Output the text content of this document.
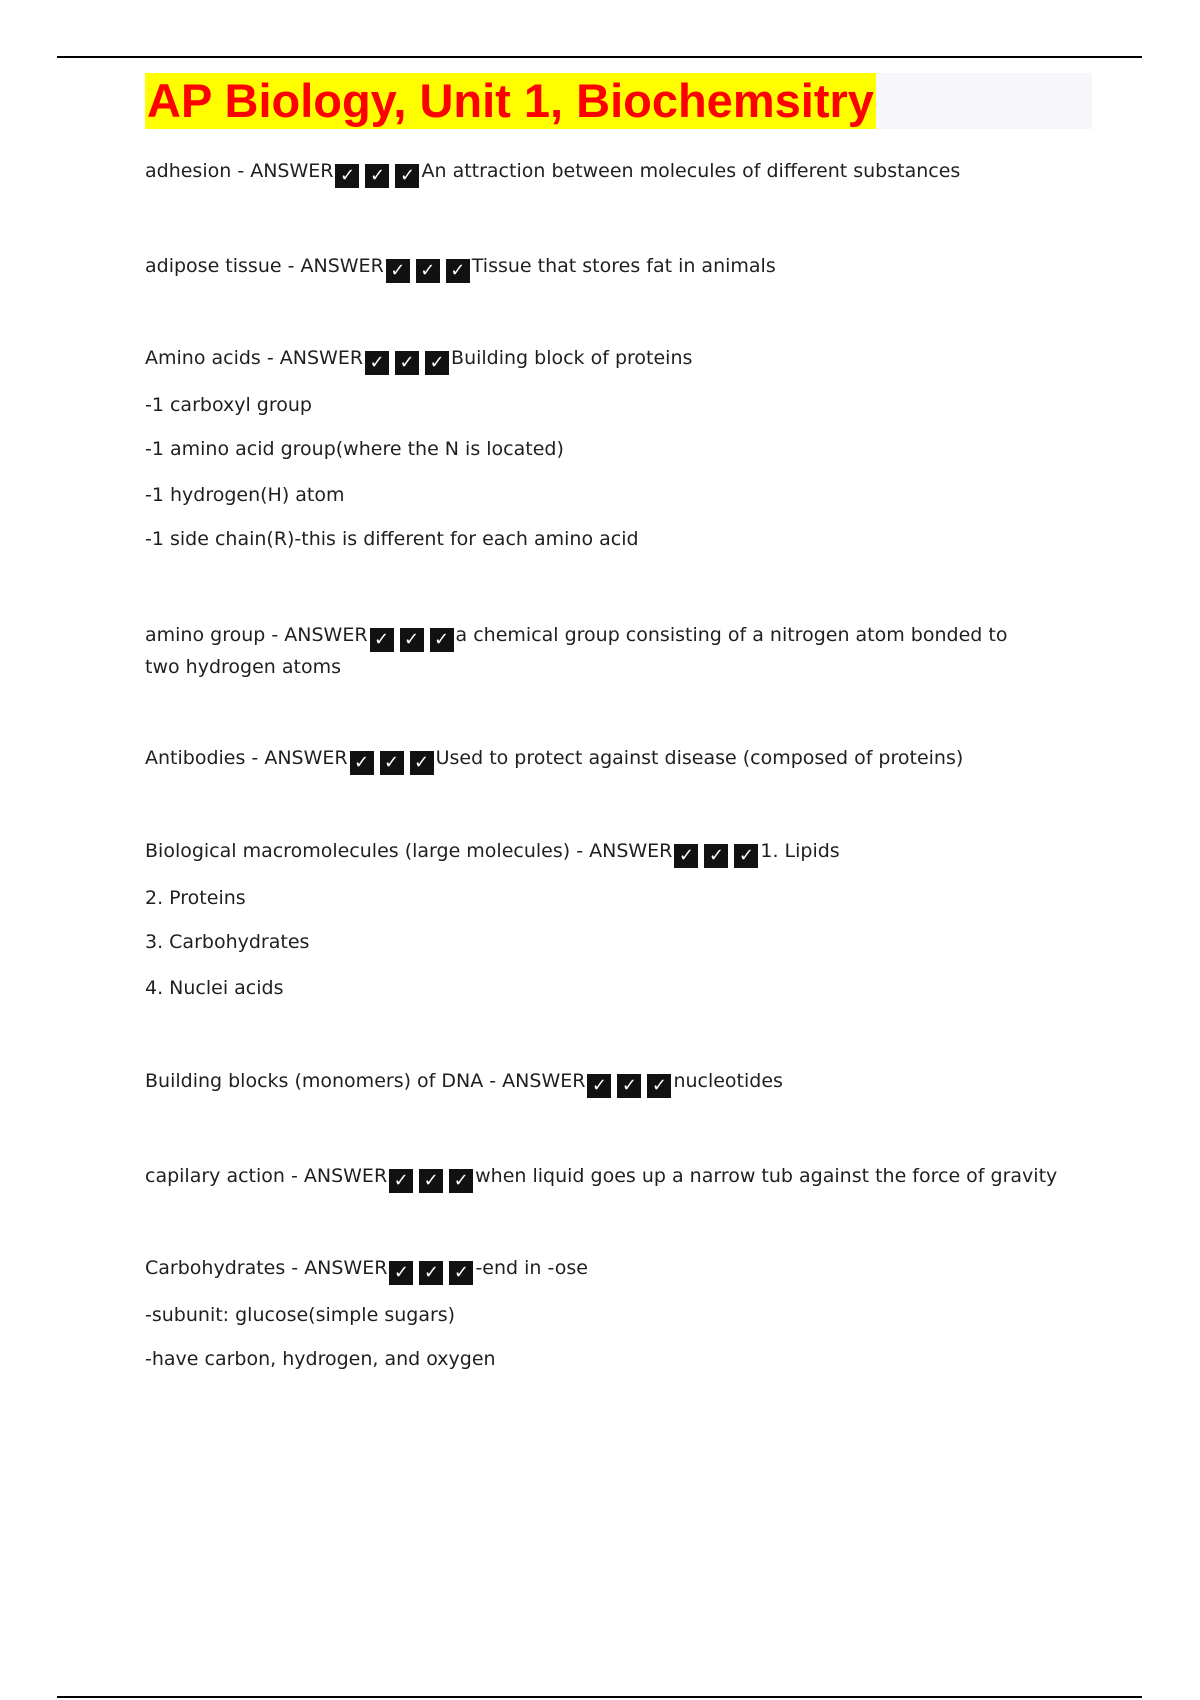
AP Biology, Unit 1, Biochemsitry
adhesion - ANSWER ✓ ✓ ✓ An attraction between molecules of different substances
adipose tissue - ANSWER ✓ ✓ ✓ Tissue that stores fat in animals
Amino acids - ANSWER ✓ ✓ ✓ Building block of proteins
-1 carboxyl group
-1 amino acid group(where the N is located)
-1 hydrogen(H) atom
-1 side chain(R)-this is different for each amino acid
amino group - ANSWER ✓ ✓ ✓ a chemical group consisting of a nitrogen atom bonded to two hydrogen atoms
Antibodies - ANSWER ✓ ✓ ✓ Used to protect against disease (composed of proteins)
Biological macromolecules (large molecules) - ANSWER ✓ ✓ ✓ 1. Lipids
2. Proteins
3. Carbohydrates
4. Nuclei acids
Building blocks (monomers) of DNA - ANSWER ✓ ✓ ✓ nucleotides
capilary action - ANSWER ✓ ✓ ✓ when liquid goes up a narrow tub against the force of gravity
Carbohydrates - ANSWER ✓ ✓ ✓ -end in -ose
-subunit: glucose(simple sugars)
-have carbon, hydrogen, and oxygen
